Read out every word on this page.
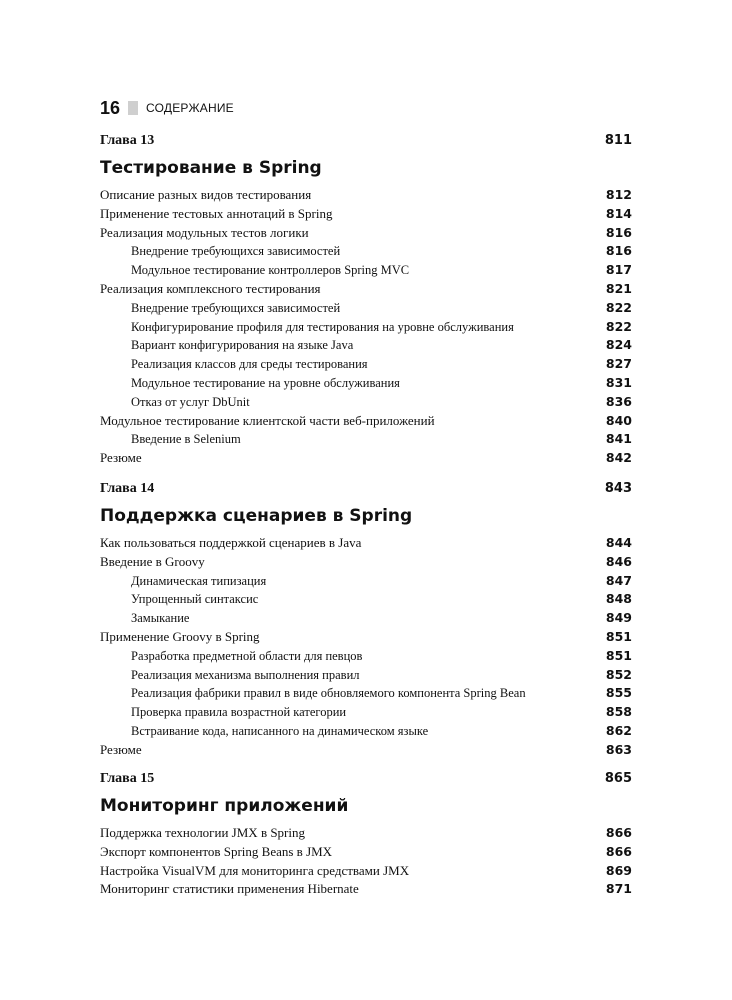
16 СОДЕРЖАНИЕ
Глава 13	811
Тестирование в Spring
Описание разных видов тестирования	812
Применение тестовых аннотаций в Spring	814
Реализация модульных тестов логики	816
Внедрение требующихся зависимостей	816
Модульное тестирование контроллеров Spring MVC	817
Реализация комплексного тестирования	821
Внедрение требующихся зависимостей	822
Конфигурирование профиля для тестирования на уровне обслуживания	822
Вариант конфигурирования на языке Java	824
Реализация классов для среды тестирования	827
Модульное тестирование на уровне обслуживания	831
Отказ от услуг DbUnit	836
Модульное тестирование клиентской части веб-приложений	840
Введение в Selenium	841
Резюме	842
Глава 14	843
Поддержка сценариев в Spring
Как пользоваться поддержкой сценариев в Java	844
Введение в Groovy	846
Динамическая типизация	847
Упрощенный синтаксис	848
Замыкание	849
Применение Groovy в Spring	851
Разработка предметной области для певцов	851
Реализация механизма выполнения правил	852
Реализация фабрики правил в виде обновляемого компонента Spring Bean	855
Проверка правила возрастной категории	858
Встраивание кода, написанного на динамическом языке	862
Резюме	863
Глава 15	865
Мониторинг приложений
Поддержка технологии JMX в Spring	866
Экспорт компонентов Spring Beans в JMX	866
Настройка VisualVM для мониторинга средствами JMX	869
Мониторинг статистики применения Hibernate	871
